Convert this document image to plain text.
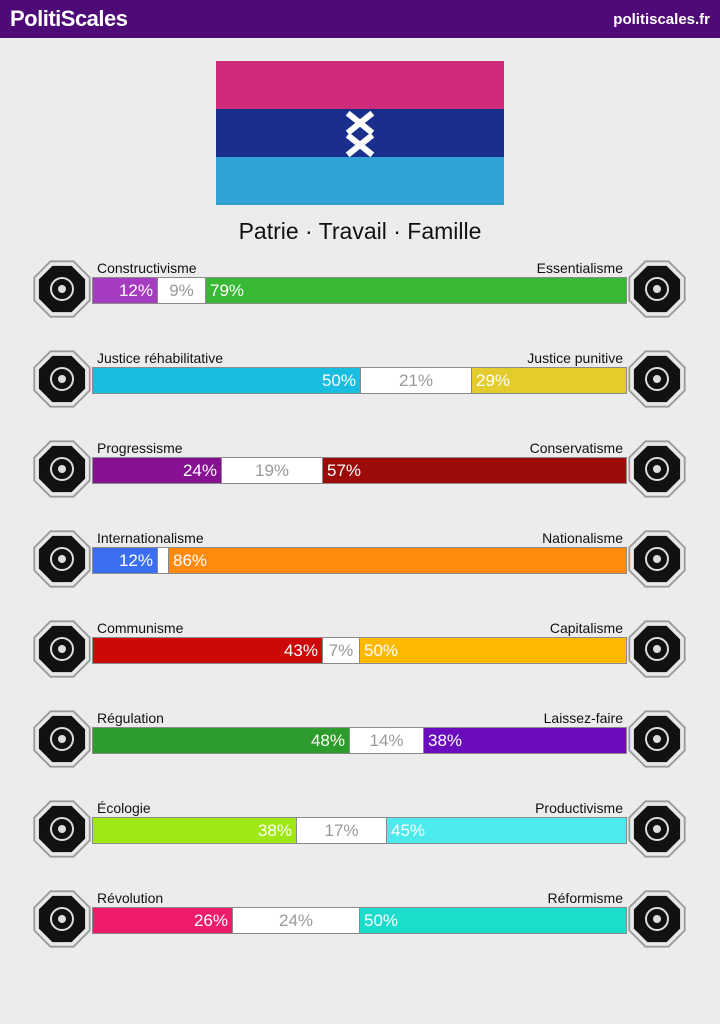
PolitiScales	politiscales.fr
Patrie · Travail · Famille
Constructivisme	Essentialisme
12% 9% 79%
Justice réhabilitative	Justice punitive
50%	21%	29%
Progressisme	Conservatisme
24%	19%	57%
Internationalisme	Nationalisme
12% 86%
Communisme	Capitalisme
43% 7% 50%
Régulation	Laissez-faire
48%	14%	38%
Écologie	Productivisme
38%	17%	45%
Révolution	Réformisme
26%	24%	50%
